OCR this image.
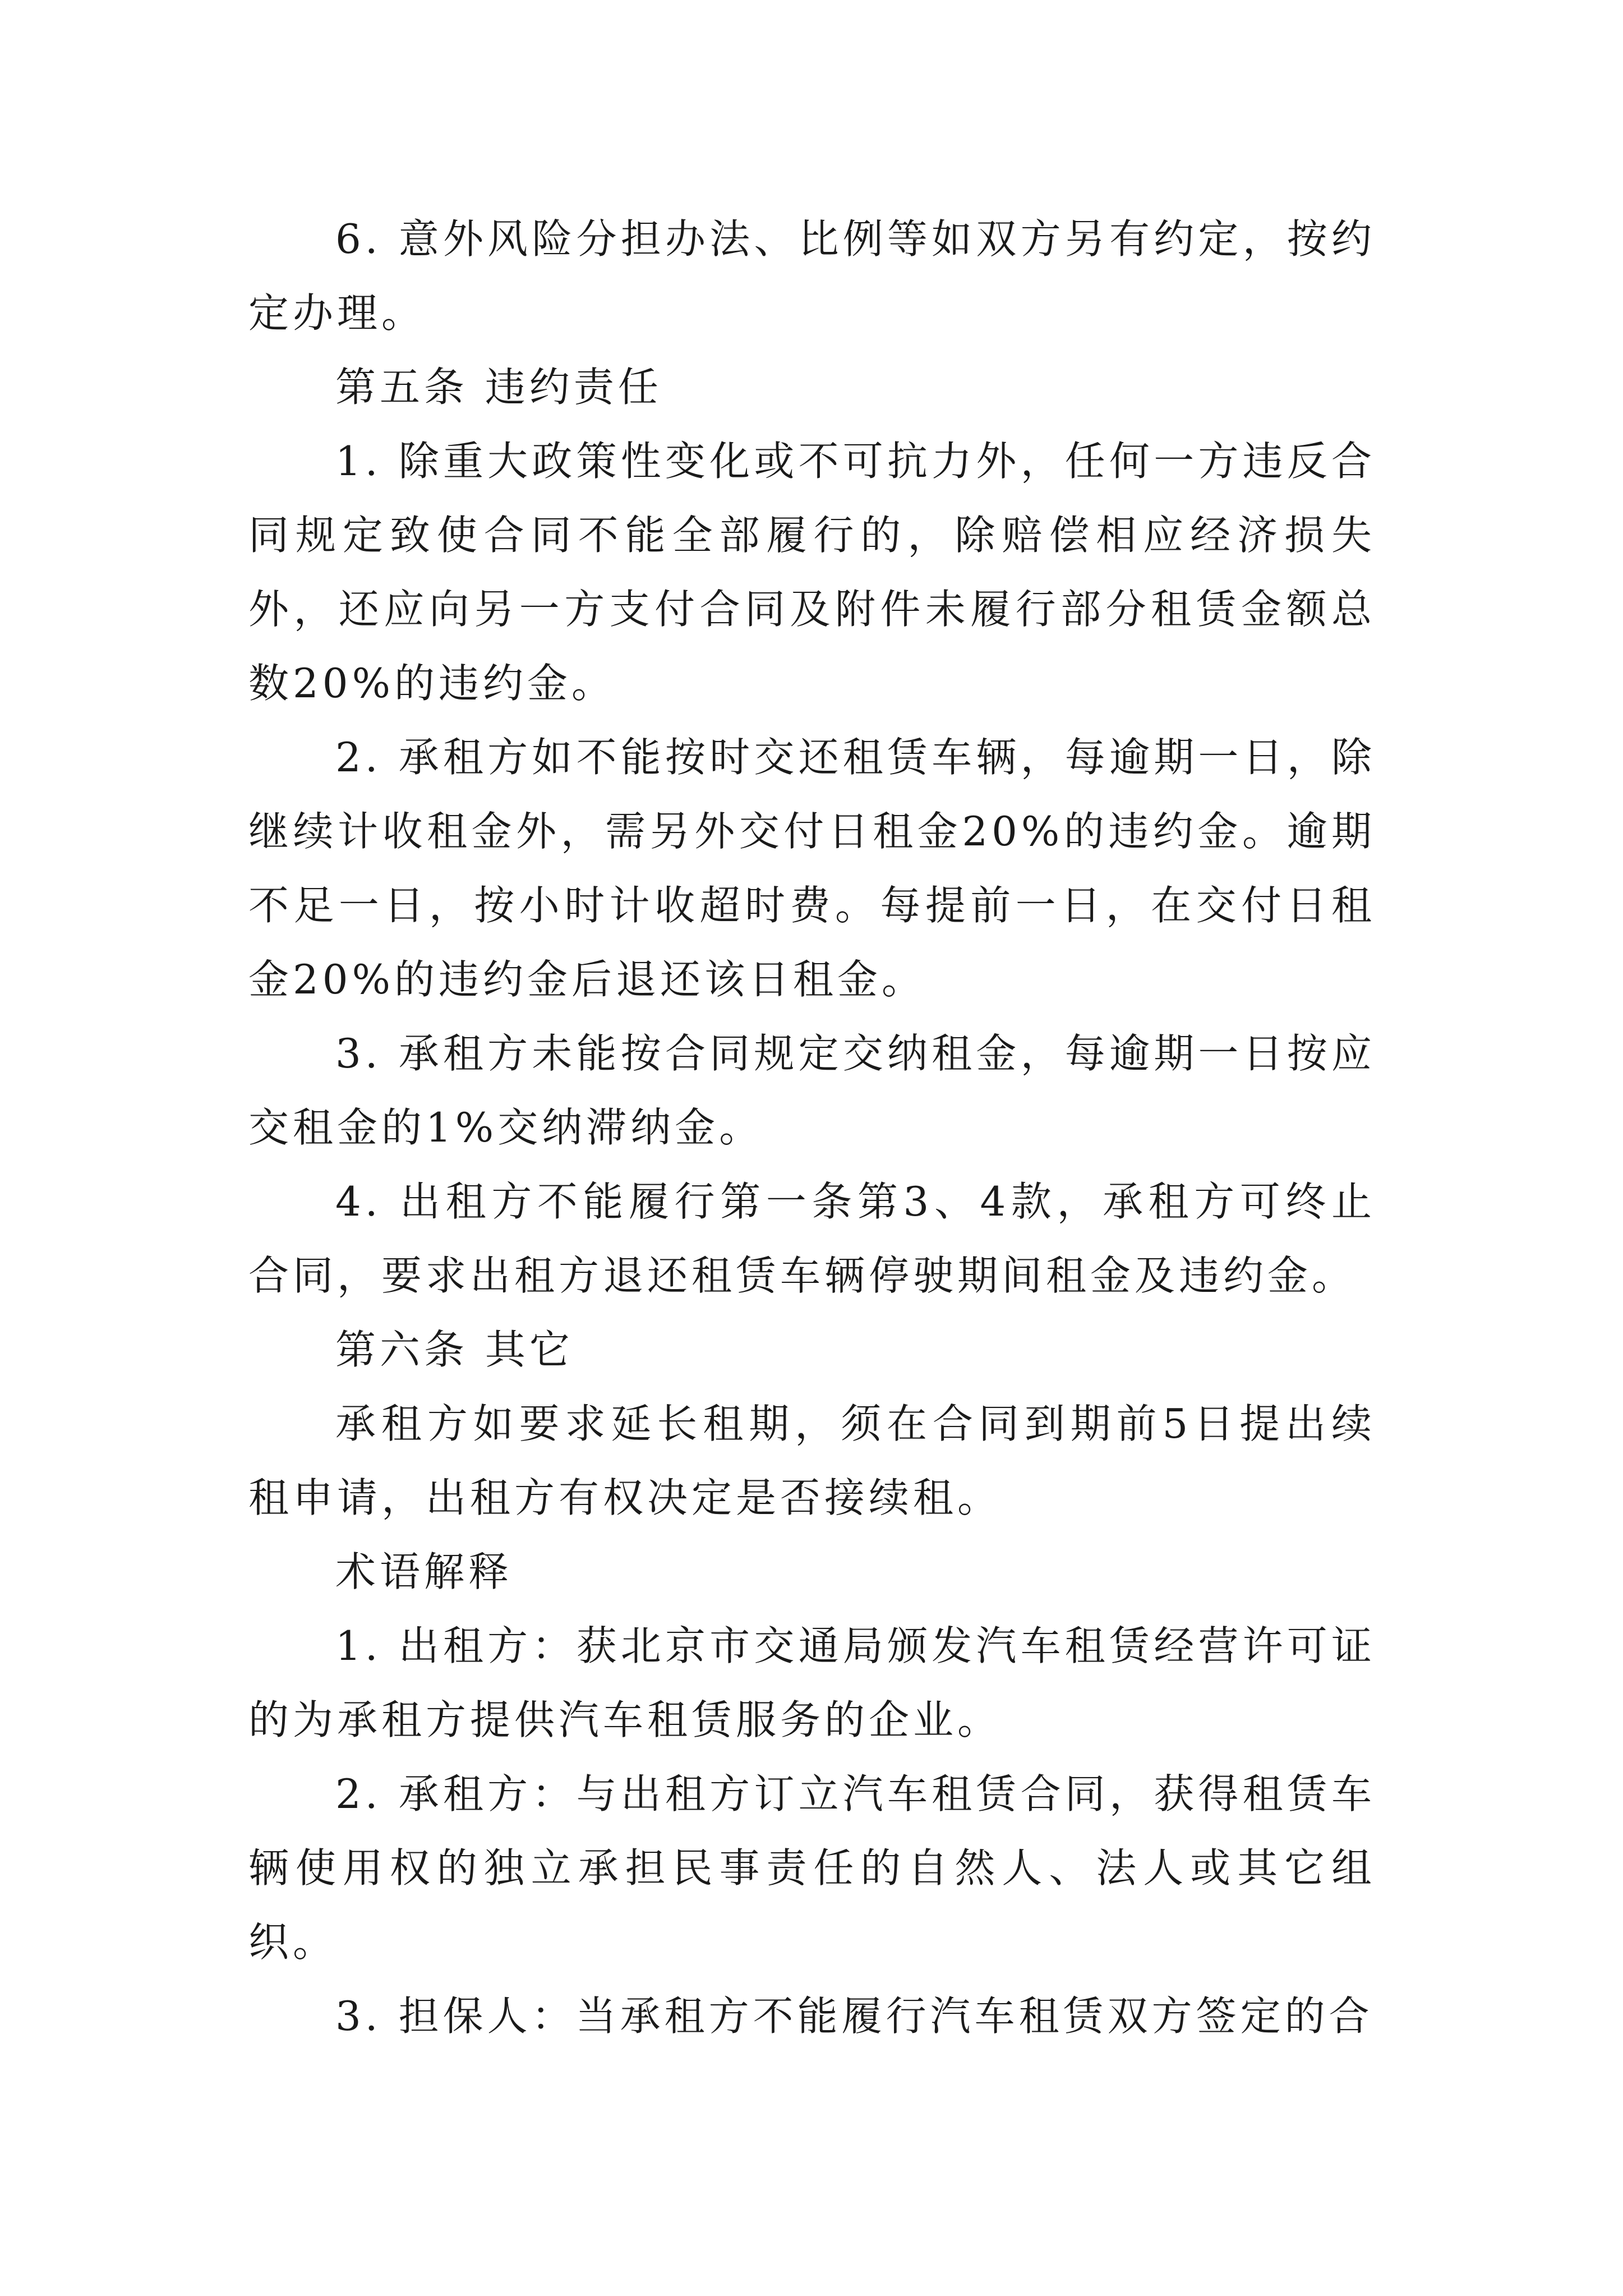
6. 意外风险分担办法、比例等如双方另有约定，按约定办理。

第五条 违约责任

1. 除重大政策性变化或不可抗力外，任何一方违反合同规定致使合同不能全部履行的，除赔偿相应经济损失外，还应向另一方支付合同及附件未履行部分租赁金额总数20%的违约金。

2. 承租方如不能按时交还租赁车辆，每逾期一日，除继续计收租金外，需另外交付日租金20%的违约金。逾期不足一日，按小时计收超时费。每提前一日，在交付日租金20%的违约金后退还该日租金。

3. 承租方未能按合同规定交纳租金，每逾期一日按应交租金的1%交纳滞纳金。

4. 出租方不能履行第一条第3、4款，承租方可终止合同，要求出租方退还租赁车辆停驶期间租金及违约金。

第六条 其它

承租方如要求延长租期，须在合同到期前5日提出续租申请，出租方有权决定是否接续租。

术语解释

1. 出租方：获北京市交通局颁发汽车租赁经营许可证的为承租方提供汽车租赁服务的企业。

2. 承租方：与出租方订立汽车租赁合同，获得租赁车辆使用权的独立承担民事责任的自然人、法人或其它组织。

3. 担保人：当承租方不能履行汽车租赁双方签定的合
